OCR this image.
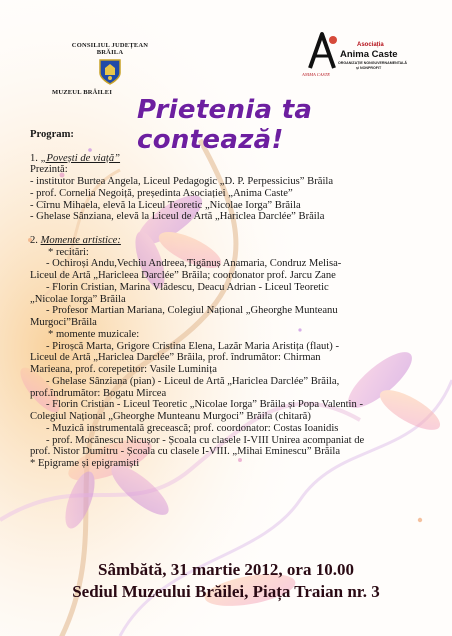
CONSILIUL JUDEȚEAN
BRĂILA
MUZEUL BRĂILEI
Asociația
Anima Caste
ORGANIZAȚIE NONGUVERNAMENTALĂ
și NONPROFIT
ANIMA CASTE
Prietenia ta contează!
Program:
1. „Povești de viață”
Prezintă:
- institutor Burtea Angela, Liceul Pedagogic „D. P. Perpessicius” Brăila
- prof. Cornelia Negoiță, președinta Asociației „Anima Caste”
- Cîrnu Mihaela, elevă la Liceul Teoretic „Nicolae Iorga” Brăila
- Ghelase Sânziana, elevă la Liceul de Artă „Hariclea Darclée” Brăila
2. Momente artistice:
* recitări:
- Ochiroși Andu,Vechiu Andreea,Tigănuș Anamaria, Condruz Melisa-
Liceul de Artă „Haricleea Darclée” Brăila; coordonator prof. Jarcu Zane
- Florin Cristian, Marina Vlădescu, Deacu Adrian - Liceul Teoretic
„Nicolae Iorga” Brăila
- Profesor Martian Mariana, Colegiul Național „Gheorghe Munteanu
Murgoci”Brăila
* momente muzicale:
- Piroșcă Marta, Grigore Cristina Elena, Lazăr Maria Aristița (flaut) -
Liceul de Artă „Hariclea Darclée” Brăila, prof. îndrumător: Chirman
Marieana, prof. corepetitor: Vasile Luminița
- Ghelase Sânziana (pian) - Liceul de Artă „Hariclea Darclée” Brăila,
prof.îndrumător: Bogatu Mircea
- Florin Cristian - Liceul Teoretic „Nicolae Iorga” Brăila și Popa Valentin -
Colegiul Național „Gheorghe Munteanu Murgoci” Brăila (chitară)
- Muzică instrumentală grecească; prof. coordonator: Costas Ioanidis
- prof. Mocănescu Nicușor - Școala cu clasele I-VIII Unirea acompaniat de
prof. Nistor Dumitru - Școala cu clasele I-VIII. „Mihai Eminescu” Brăila
* Epigrame și epigramiști
Sâmbătă, 31 martie 2012, ora 10.00
Sediul Muzeului Brăilei, Piața Traian nr. 3
